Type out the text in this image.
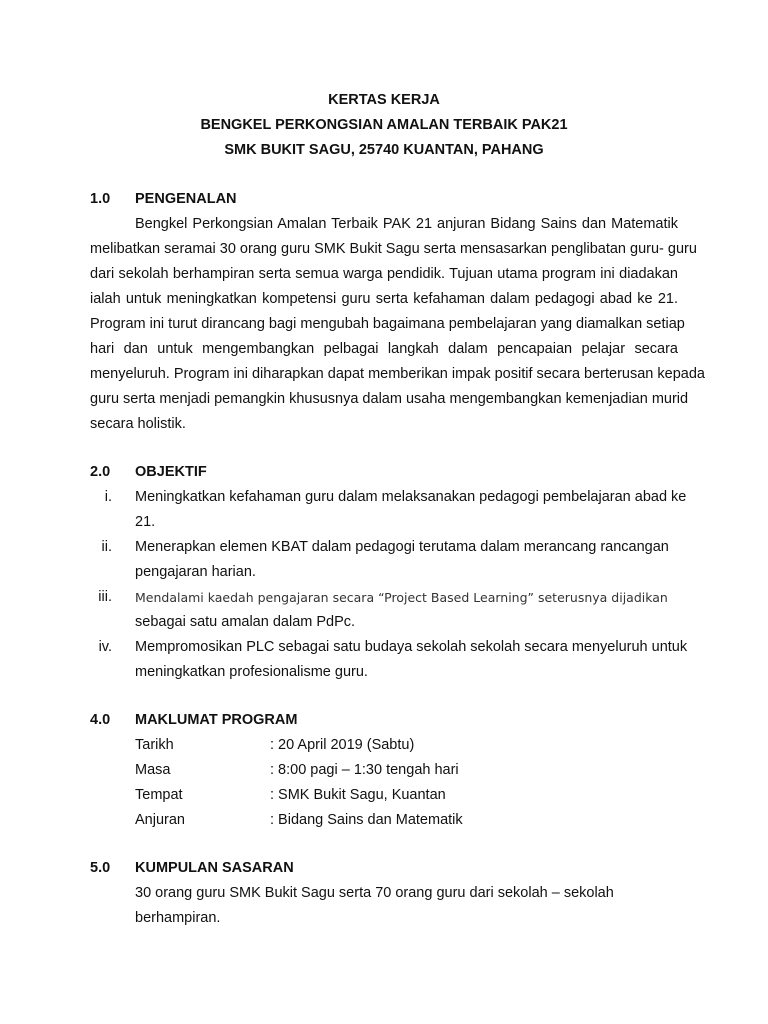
KERTAS KERJA
BENGKEL PERKONGSIAN AMALAN TERBAIK PAK21
SMK BUKIT SAGU, 25740 KUANTAN, PAHANG
1.0 PENGENALAN
Bengkel Perkongsian Amalan Terbaik PAK 21 anjuran Bidang Sains dan Matematik
melibatkan seramai 30 orang guru SMK Bukit Sagu serta mensasarkan penglibatan guru- guru
dari sekolah berhampiran serta semua warga pendidik. Tujuan utama program ini diadakan
ialah untuk meningkatkan kompetensi guru serta kefahaman dalam pedagogi abad ke 21.
Program ini turut dirancang bagi mengubah bagaimana pembelajaran yang diamalkan setiap
hari dan untuk mengembangkan pelbagai langkah dalam pencapaian pelajar secara
menyeluruh. Program ini diharapkan dapat memberikan impak positif secara berterusan kepada
guru serta menjadi pemangkin khususnya dalam usaha mengembangkan kemenjadian murid
secara holistik.
2.0 OBJEKTIF
i. Meningkatkan kefahaman guru dalam melaksanakan pedagogi pembelajaran abad ke
21.
ii. Menerapkan elemen KBAT dalam pedagogi terutama dalam merancang rancangan
pengajaran harian.
iii. Mendalami kaedah pengajaran secara “Project Based Learning” seterusnya dijadikan
sebagai satu amalan dalam PdPc.
iv. Mempromosikan PLC sebagai satu budaya sekolah sekolah secara menyeluruh untuk
meningkatkan profesionalisme guru.
4.0 MAKLUMAT PROGRAM
Tarikh	: 20 April 2019 (Sabtu)
Masa	: 8:00 pagi – 1:30 tengah hari
Tempat	: SMK Bukit Sagu, Kuantan
Anjuran	: Bidang Sains dan Matematik
5.0 KUMPULAN SASARAN
30 orang guru SMK Bukit Sagu serta 70 orang guru dari sekolah – sekolah
berhampiran.
